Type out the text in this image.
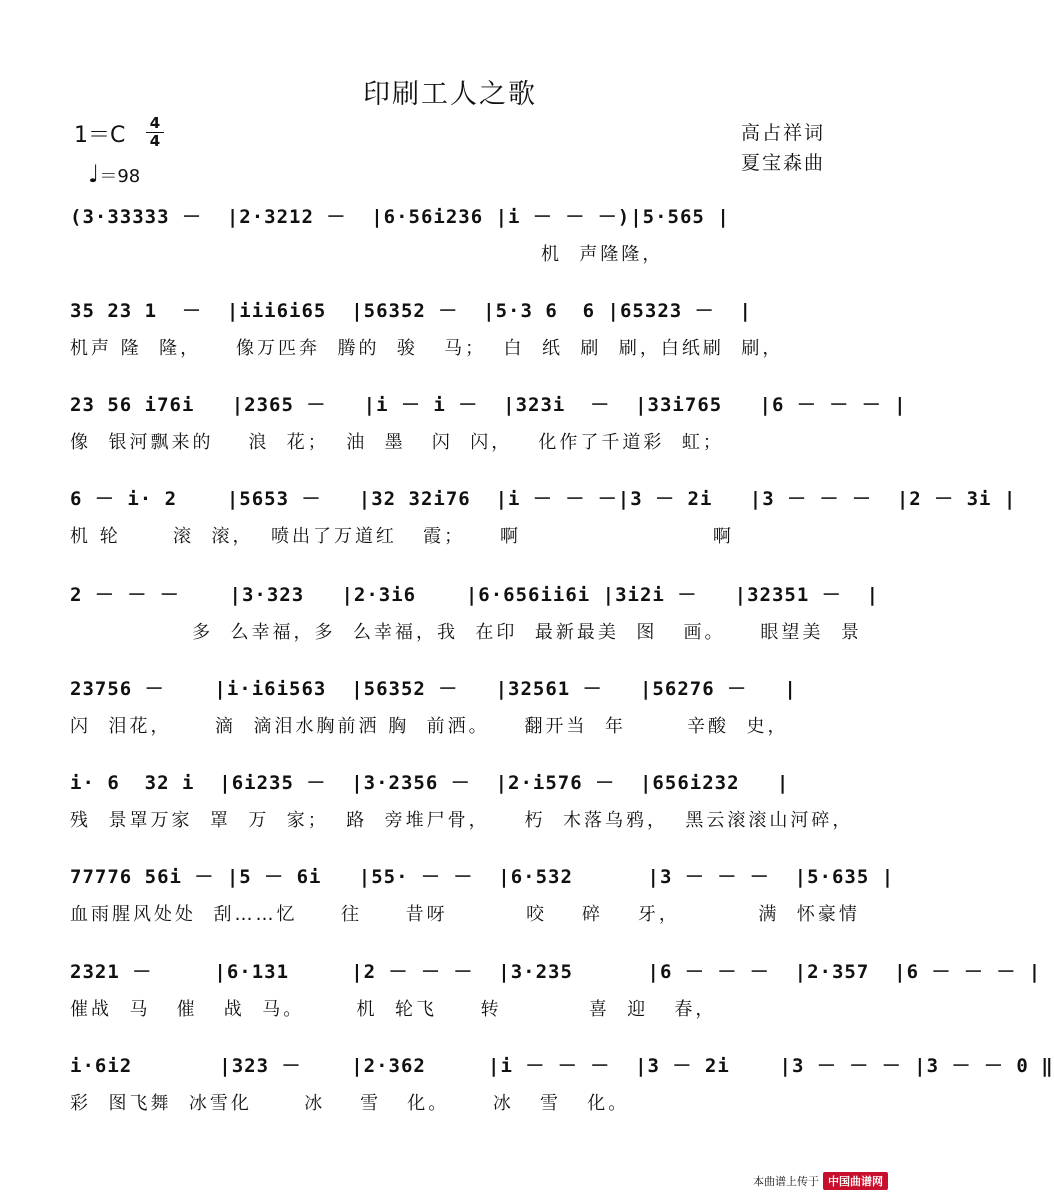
印刷工人之歌
1＝C 4
4
♩＝98
高占祥词
夏宝森曲
(3·33333 －  |2·3212 －  |6·56i236 |i － － －)|5·565 |
机  声隆隆，
35 23 1  －  |iii6i65  |56352 －  |5·3 6  6 |65323 －  |
机声 隆  隆，    像万匹奔  腾的  骏   马；  白  纸  刷  刷，白纸刷  刷，
23 56 i76i   |2365 －   |i － i －  |323i  －  |33i765   |6 － － － |
像  银河飘来的    浪  花；  油  墨   闪  闪，   化作了千道彩  虹；
6 － i· 2    |5653 －   |32 32i76  |i － － －|3 － 2i   |3 － － －  |2 － 3i |
机 轮      滚  滚，  喷出了万道红   霞；    啊                      啊
2 － － －    |3·323   |2·3i6    |6·656ii6i |3i2i －   |32351 －  |
多  么幸福，多  么幸福，我  在印  最新最美  图   画。    眼望美  景
23756 －    |i·i6i563  |56352 －   |32561 －   |56276 －   |
闪  泪花，     滴  滴泪水胸前洒 胸  前洒。    翻开当  年       辛酸  史，
i· 6  32 i  |6i235 －  |3·2356 －  |2·i576 －  |656i232   |
残  景罩万家  罩  万  家；  路  旁堆尸骨，    朽  木落乌鸦，  黑云滚滚山河碎，
77776 56i － |5 － 6i   |55· － －  |6·532      |3 － － －  |5·635 |
血雨腥风处处  刮……忆     往     昔呀         咬    碎    牙，         满  怀豪情
2321 －     |6·131     |2 － － －  |3·235      |6 － － －  |2·357  |6 － － － |
催战  马   催   战  马。      机  轮飞     转          喜  迎   春，
i·6i2       |323 －    |2·362     |i － － －  |3 － 2i    |3 － － － |3 － － 0 ‖
彩  图飞舞  冰雪化      冰    雪   化。     冰   雪   化。
本曲谱上传于 中国曲谱网
